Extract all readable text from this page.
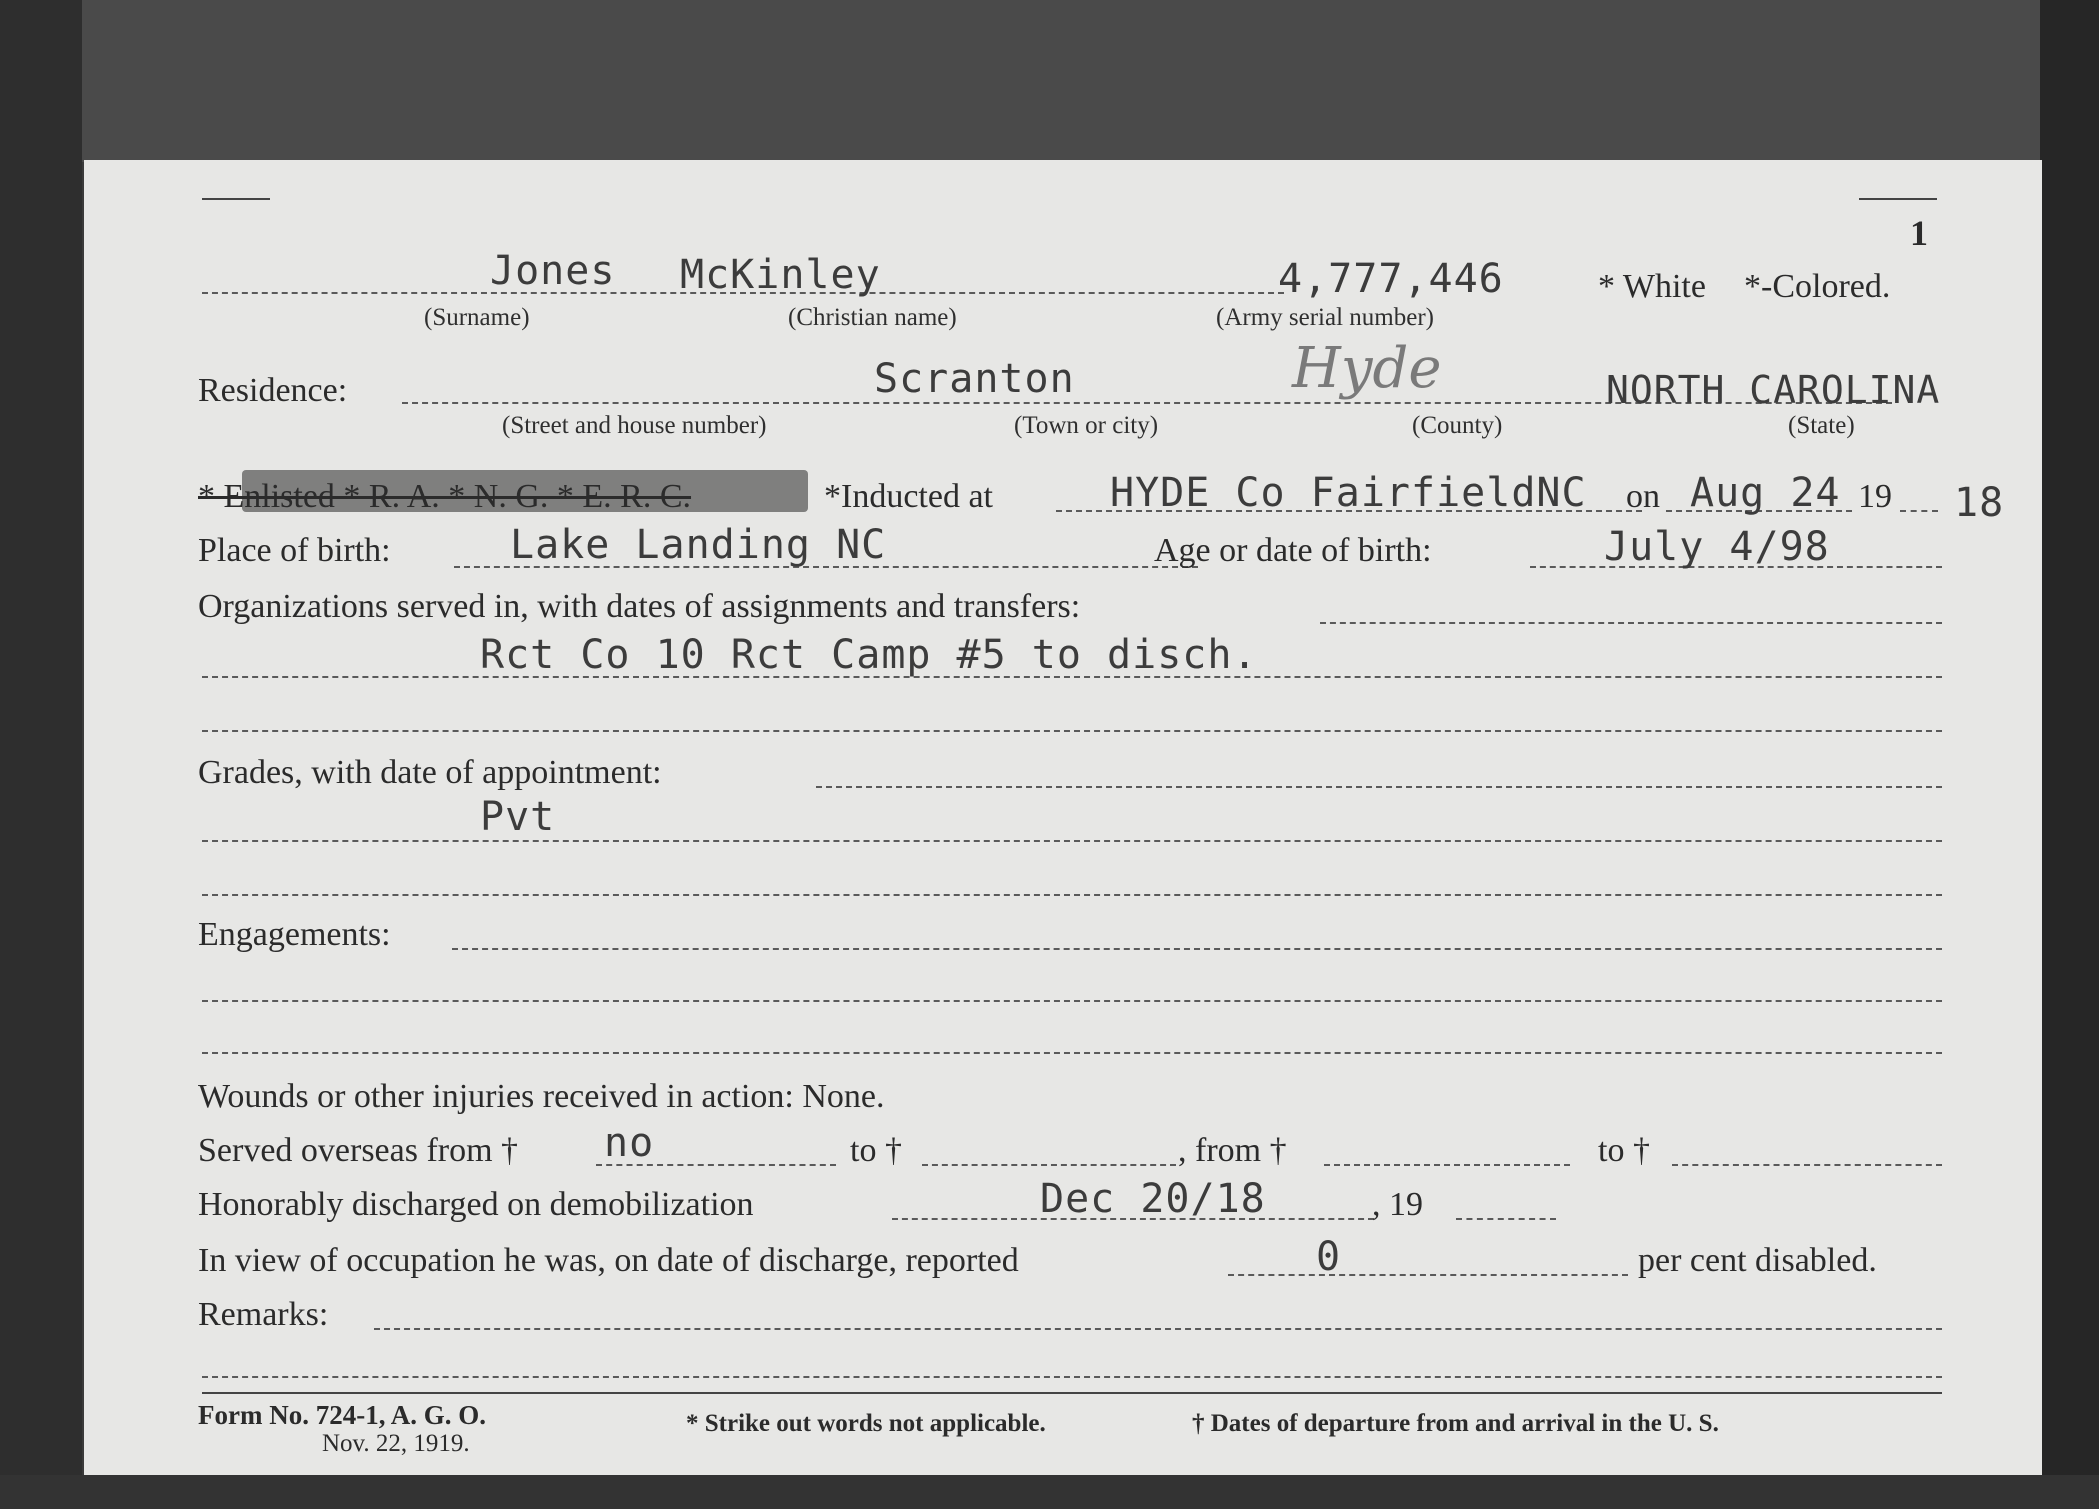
1
Jones McKinley	4,777,446	* White *-Colored.
(Surname)	(Christian name)	(Army serial number)
Residence:	Scranton	Hyde	NORTH CAROLINA
(Street and house number)	(Town or city)	(County)	(State)
* Enlisted * R. A. * N. G. * E. R. C.	*Inducted at	HYDE Co FairfieldNC on Aug 24 19 18
Place of birth:	Lake Landing NC	Age or date of birth:	July 4/98
Organizations served in, with dates of assignments and transfers:
Rct Co 10 Rct Camp #5 to disch.
Grades, with date of appointment:
Pvt
Engagements:
Wounds or other injuries received in action: None.
Served overseas from † no	to †	, from †	to †
Honorably discharged on demobilization	Dec 20/18	, 19
In view of occupation he was, on date of discharge, reported	0	per cent disabled.
Remarks:
Form No. 724-1, A. G. O.
Nov. 22, 1919.
* Strike out words not applicable.	† Dates of departure from and arrival in the U. S.
